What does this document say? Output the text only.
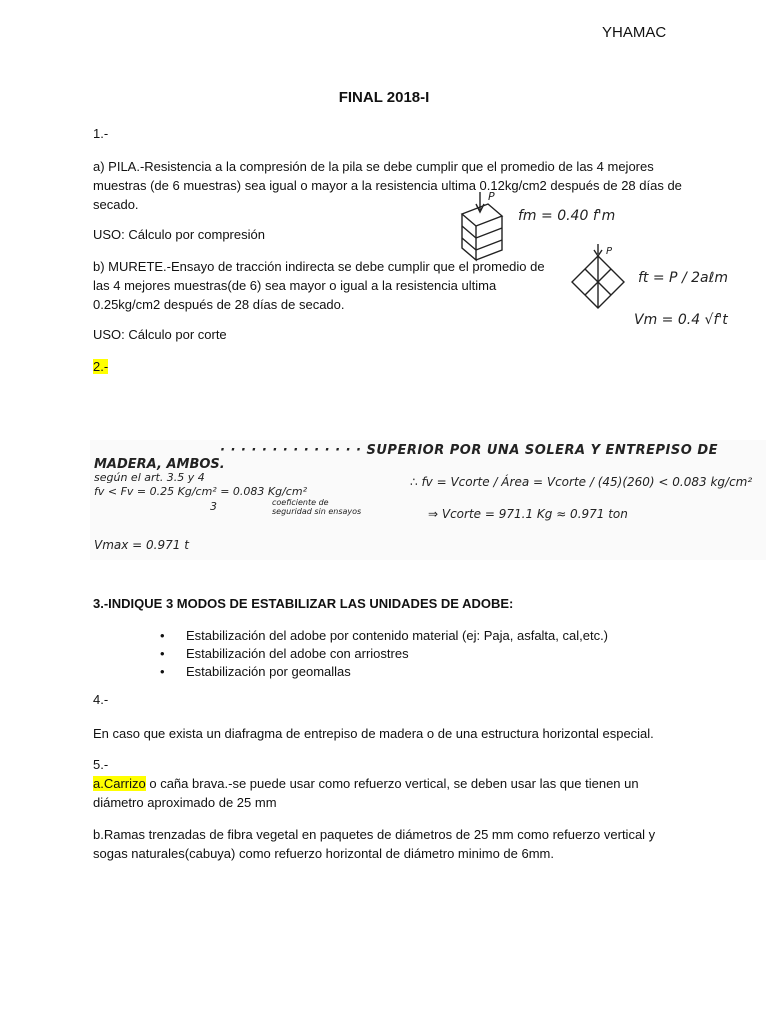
YHAMAC
FINAL 2018-I
1.-
a) PILA.-Resistencia a la compresión de la pila se debe cumplir que el promedio de las 4 mejores
muestras (de 6 muestras) sea igual o mayor a la resistencia ultima 0.12kg/cm2 después de 28 días de
secado.
USO: Cálculo por compresión
b) MURETE.-Ensayo de tracción indirecta se debe cumplir que el promedio de
las 4 mejores muestras(de 6) sea mayor o igual a la resistencia ultima
0.25kg/cm2 después de 28 días de secado.
USO: Cálculo por corte
P
fm = 0.40 f'm
P
ft = P / 2aℓm
Vm = 0.4 √f't
2.-
· · · · · · · · · · · · · · SUPERIOR POR UNA SOLERA Y ENTREPISO DE
MADERA, AMBOS.
según el art. 3.5 y 4
fv < Fv = 0.25 Kg/cm² = 0.083 Kg/cm²
3	coeficiente de seguridad sin ensayos
∴ fv = Vcorte / Área = Vcorte / (45)(260) < 0.083 kg/cm²
⇒ Vcorte = 971.1 Kg ≈ 0.971 ton
Vmax = 0.971 t
3.-INDIQUE 3 MODOS DE ESTABILIZAR LAS UNIDADES DE ADOBE:
• Estabilización del adobe por contenido material (ej: Paja, asfalta, cal,etc.)
• Estabilización del adobe con arriostres
• Estabilización por geomallas
4.-
En caso que exista un diafragma de entrepiso de madera o de una estructura horizontal especial.
5.-
a.Carrizo o caña brava.-se puede usar como refuerzo vertical, se deben usar las que tienen un
diámetro aproximado de 25 mm
b.Ramas trenzadas de fibra vegetal en paquetes de diámetros de 25 mm como refuerzo vertical y
sogas naturales(cabuya) como refuerzo horizontal de diámetro minimo de 6mm.
